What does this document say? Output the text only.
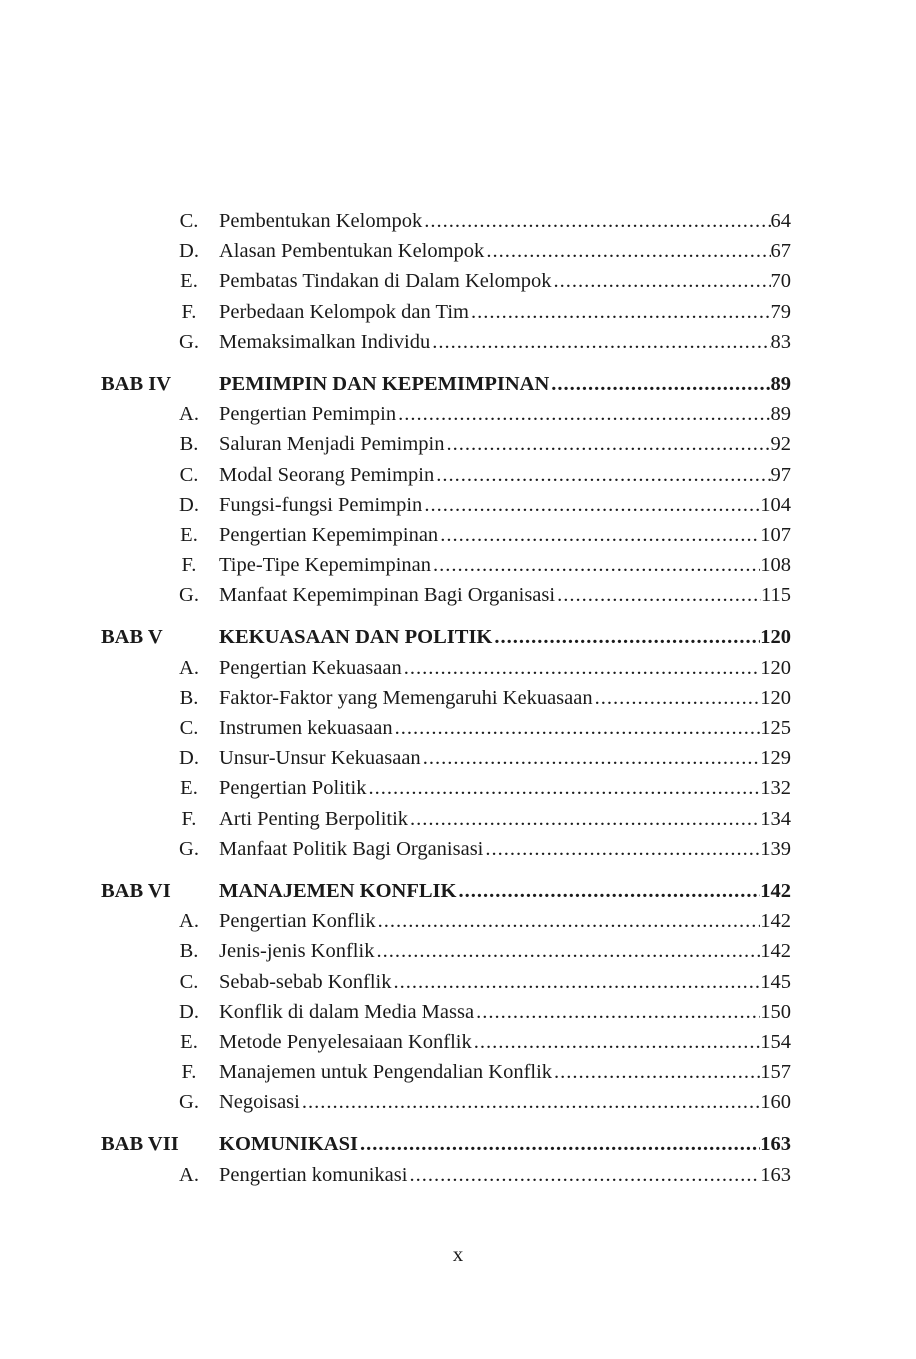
C.	Pembentukan Kelompok .....	64
D. Alasan Pembentukan Kelompok .....	67
E.	Pembatas Tindakan di Dalam Kelompok .....	70
F.	Perbedaan Kelompok dan Tim .....	79
G. Memaksimalkan Individu .....	83
BAB IV PEMIMPIN DAN KEPEMIMPINAN .....	89
A. Pengertian Pemimpin .....	89
B.	Saluran Menjadi Pemimpin .....	92
C.	Modal Seorang Pemimpin .....	97
D. Fungsi-fungsi Pemimpin .....	104
E.	Pengertian Kepemimpinan .....	107
F.	Tipe-Tipe Kepemimpinan .....	108
G. Manfaat Kepemimpinan Bagi Organisasi .....	115
BAB V	KEKUASAAN DAN POLITIK .....	120
A. Pengertian Kekuasaan .....	120
B.	Faktor-Faktor yang Memengaruhi Kekuasaan .....	120
C.	Instrumen kekuasaan .....	125
D. Unsur-Unsur Kekuasaan .....	129
E.	Pengertian Politik .....	132
F.	Arti Penting Berpolitik .....	134
G. Manfaat Politik Bagi Organisasi .....	139
BAB VI MANAJEMEN KONFLIK .....	142
A. Pengertian Konflik .....	142
B.	Jenis-jenis Konflik .....	142
C.	Sebab-sebab Konflik .....	145
D. Konflik di dalam Media Massa .....	150
E.	Metode Penyelesaiaan Konflik .....	154
F.	Manajemen untuk Pengendalian Konflik .....	157
G. Negoisasi .....	160
BAB VII KOMUNIKASI .....	163
A. Pengertian komunikasi .....	163
x
